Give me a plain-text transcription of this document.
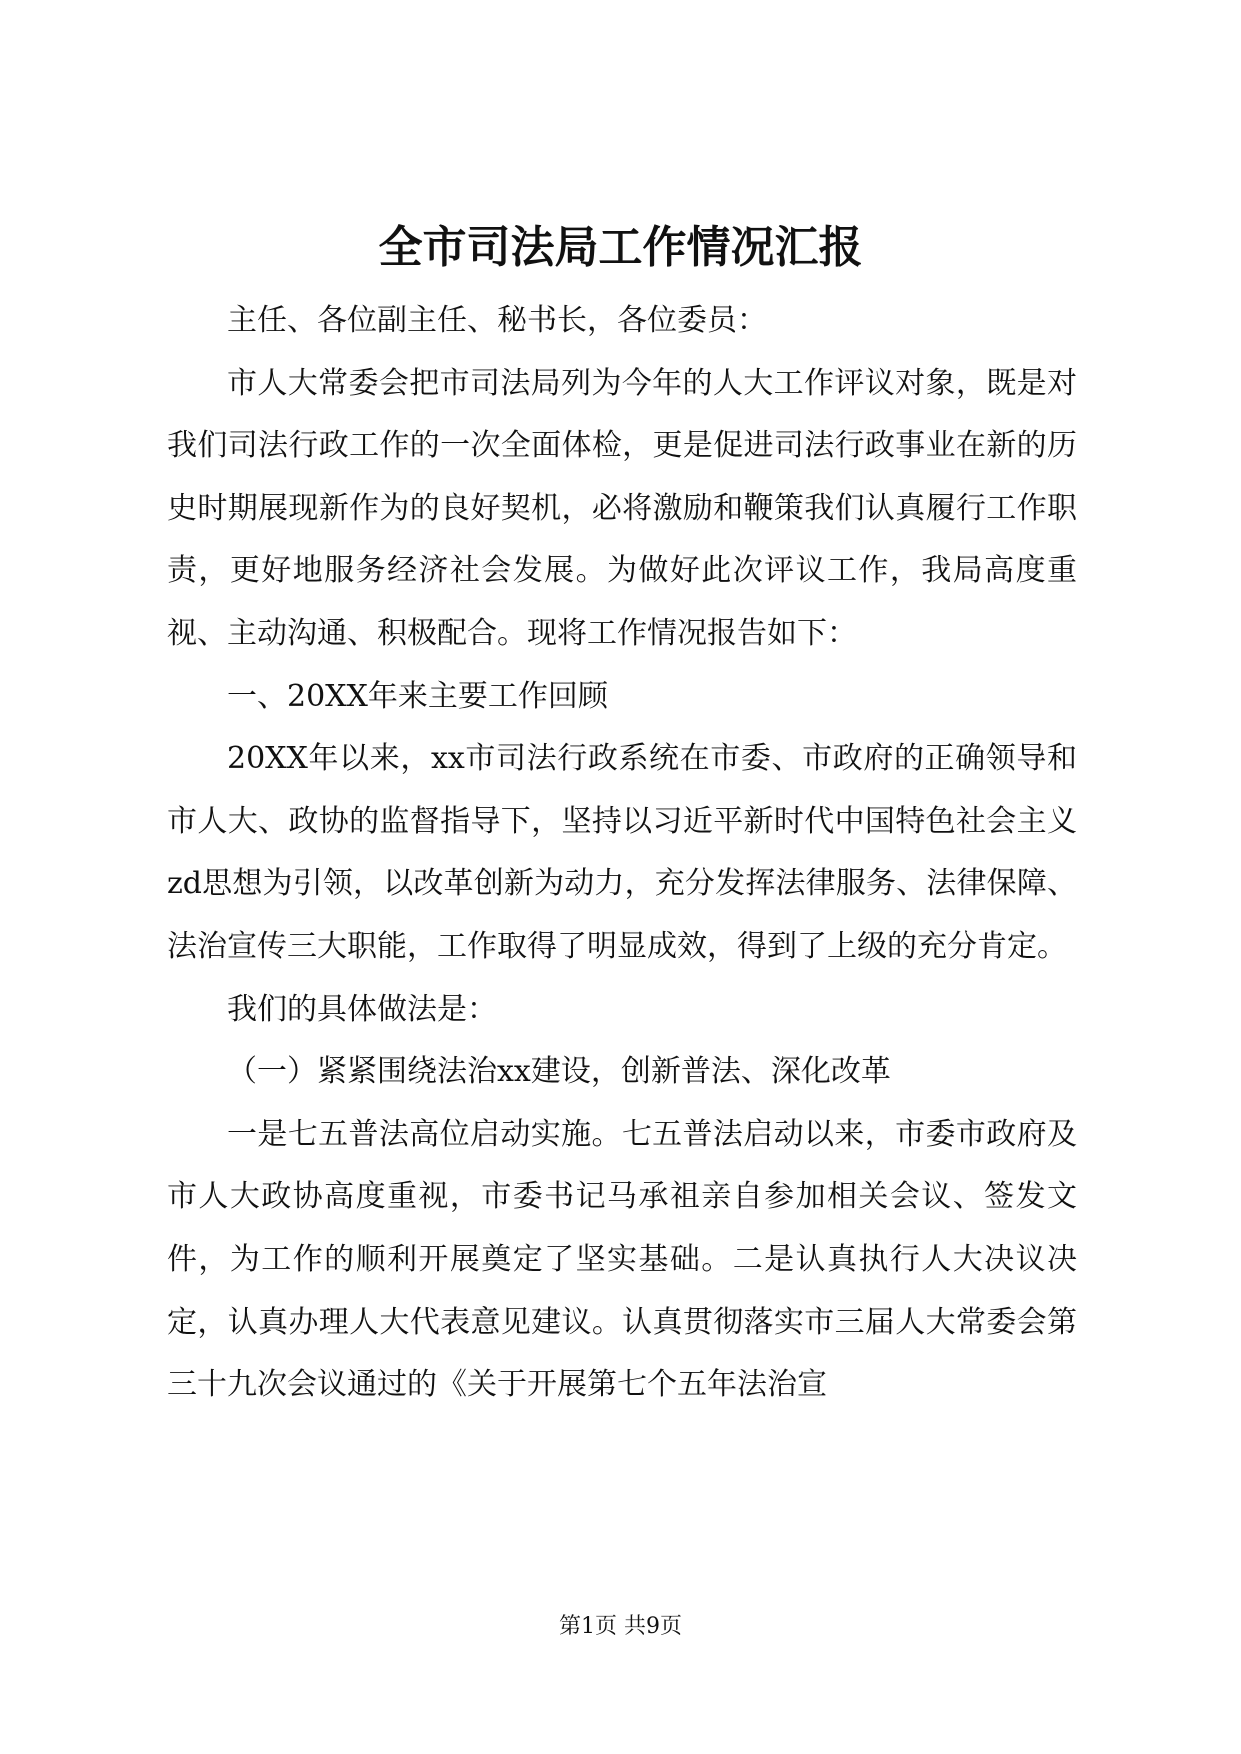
全市司法局工作情况汇报

主任、各位副主任、秘书长，各位委员：

市人大常委会把市司法局列为今年的人大工作评议对象，既是对我们司法行政工作的一次全面体检，更是促进司法行政事业在新的历史时期展现新作为的良好契机，必将激励和鞭策我们认真履行工作职责，更好地服务经济社会发展。为做好此次评议工作，我局高度重视、主动沟通、积极配合。现将工作情况报告如下：

一、20XX年来主要工作回顾

20XX年以来，xx市司法行政系统在市委、市政府的正确领导和市人大、政协的监督指导下，坚持以习近平新时代中国特色社会主义zd思想为引领，以改革创新为动力，充分发挥法律服务、法律保障、法治宣传三大职能，工作取得了明显成效，得到了上级的充分肯定。

我们的具体做法是：

（一）紧紧围绕法治xx建设，创新普法、深化改革

一是七五普法高位启动实施。七五普法启动以来，市委市政府及市人大政协高度重视，市委书记马承祖亲自参加相关会议、签发文件，为工作的顺利开展奠定了坚实基础。二是认真执行人大决议决定，认真办理人大代表意见建议。认真贯彻落实市三届人大常委会第三十九次会议通过的《关于开展第七个五年法治宣

第1页 共9页
